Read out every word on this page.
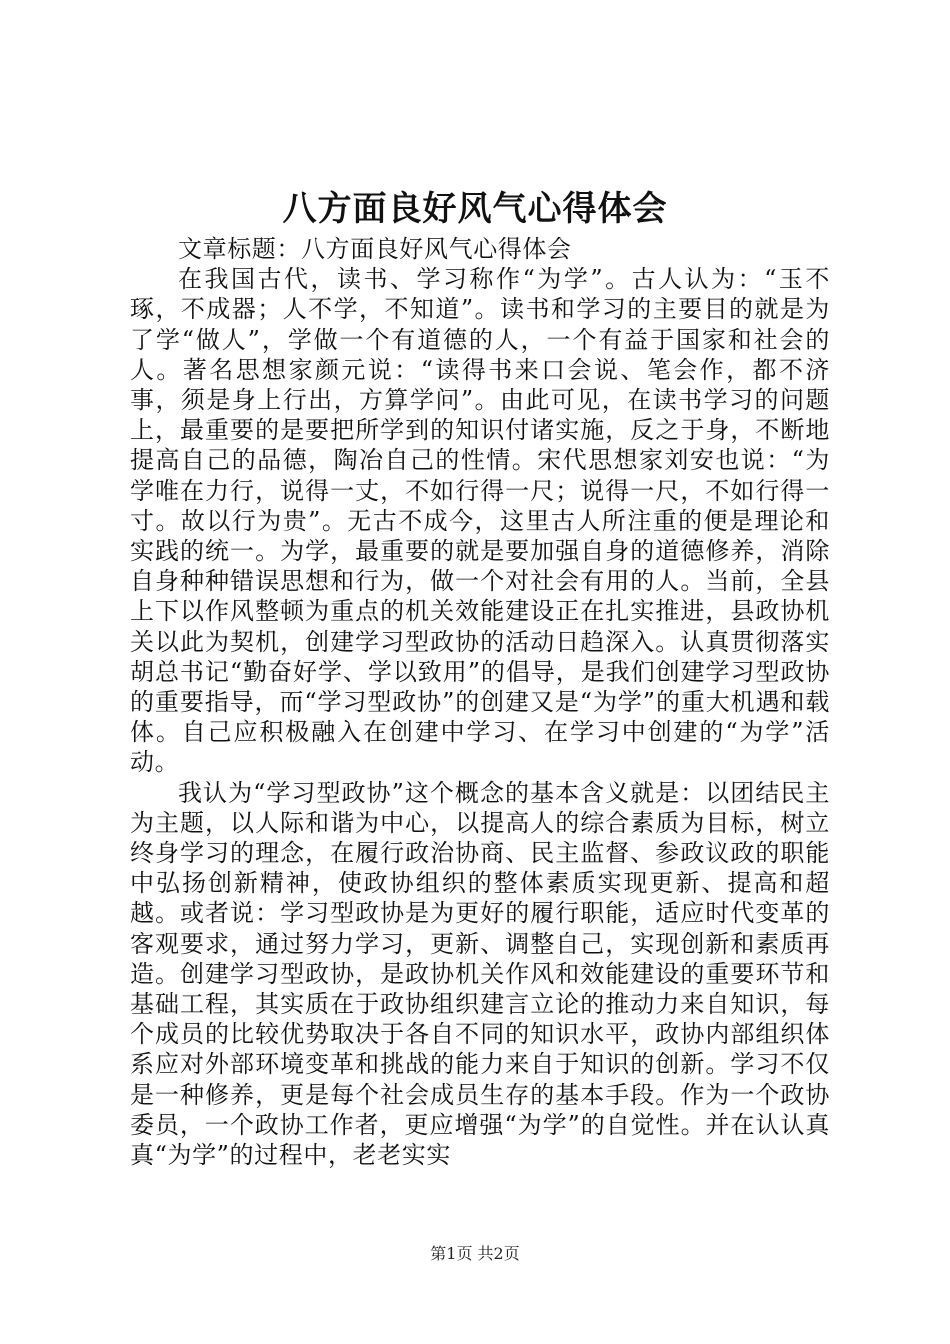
八方面良好风气心得体会

文章标题：八方面良好风气心得体会

在我国古代，读书、学习称作“为学”。古人认为：“玉不琢，不成器；人不学，不知道”。读书和学习的主要目的就是为了学“做人”，学做一个有道德的人，一个有益于国家和社会的人。著名思想家颜元说：“读得书来口会说、笔会作，都不济事，须是身上行出，方算学问”。由此可见，在读书学习的问题上，最重要的是要把所学到的知识付诸实施，反之于身，不断地提高自己的品德，陶冶自己的性情。宋代思想家刘安也说：“为学唯在力行，说得一丈，不如行得一尺；说得一尺，不如行得一寸。故以行为贵”。无古不成今，这里古人所注重的便是理论和实践的统一。为学，最重要的就是要加强自身的道德修养，消除自身种种错误思想和行为，做一个对社会有用的人。当前，全县上下以作风整顿为重点的机关效能建设正在扎实推进，县政协机关以此为契机，创建学习型政协的活动日趋深入。认真贯彻落实胡总书记“勤奋好学、学以致用”的倡导，是我们创建学习型政协的重要指导，而“学习型政协”的创建又是“为学”的重大机遇和载体。自己应积极融入在创建中学习、在学习中创建的“为学”活动。

我认为“学习型政协”这个概念的基本含义就是：以团结民主为主题，以人际和谐为中心，以提高人的综合素质为目标，树立终身学习的理念，在履行政治协商、民主监督、参政议政的职能中弘扬创新精神，使政协组织的整体素质实现更新、提高和超越。或者说：学习型政协是为更好的履行职能，适应时代变革的客观要求，通过努力学习，更新、调整自己，实现创新和素质再造。创建学习型政协，是政协机关作风和效能建设的重要环节和基础工程，其实质在于政协组织建言立论的推动力来自知识，每个成员的比较优势取决于各自不同的知识水平，政协内部组织体系应对外部环境变革和挑战的能力来自于知识的创新。学习不仅是一种修养，更是每个社会成员生存的基本手段。作为一个政协委员，一个政协工作者，更应增强“为学”的自觉性。并在认认真真“为学”的过程中，老老实实

第1页 共2页
